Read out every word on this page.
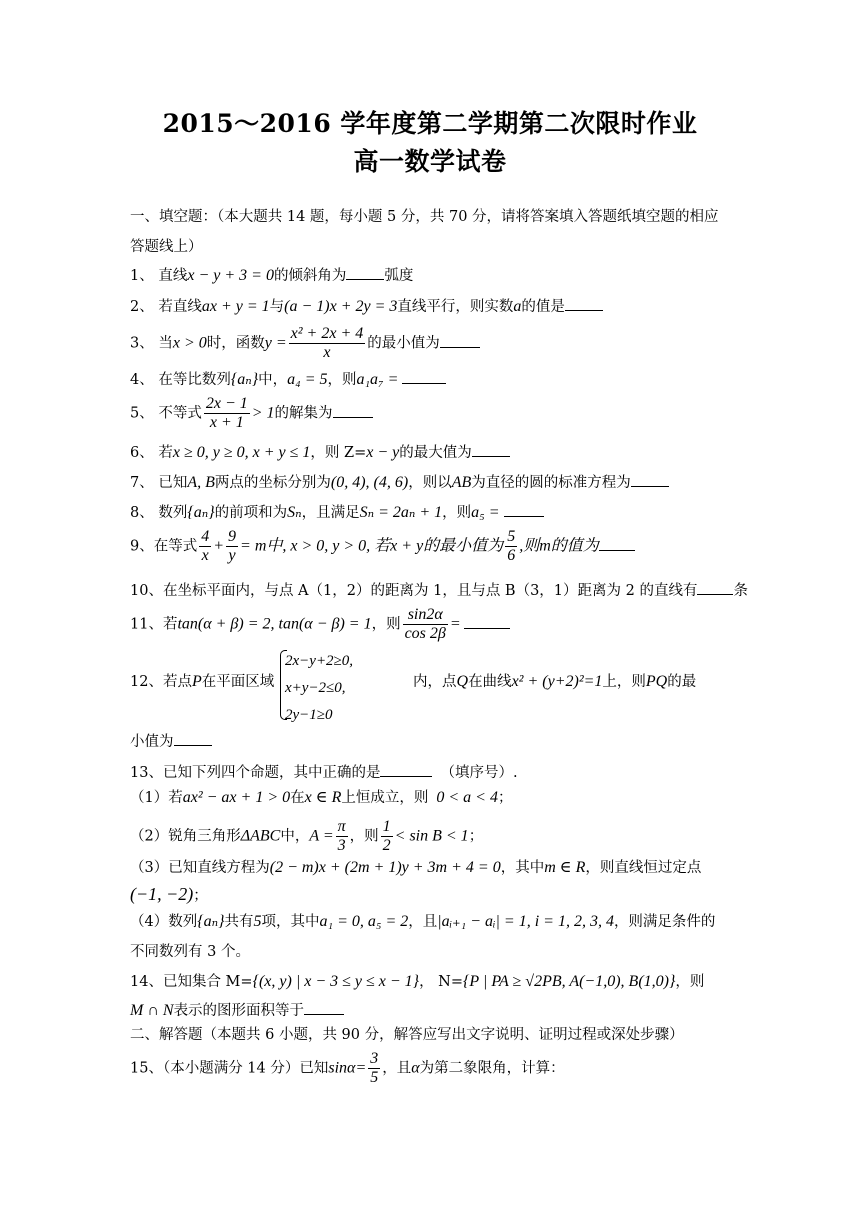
2015～2016 学年度第二学期第二次限时作业
高一数学试卷
一、填空题：（本大题共 14 题，每小题 5 分，共 70 分，请将答案填入答题纸填空题的相应
答题线上）
1、 直线x − y + 3 = 0的倾斜角为	弧度
2、 若直线ax + y = 1与(a − 1)x + 2y = 3直线平行，则实数a的值是
3、 当x > 0时，函数$y = \frac{\text{x² + 2x + 4}}{x}$ 的最小值为
4、 在等比数列{aₙ}中，a₄ = 5，则a₁a₇ =
5、 不等式 $\frac{2x - 1}{x + 1} > 1$的解集为
6、 若x ≥ 0, y ≥ 0, x + y ≤ 1，则 Z=x − y的最大值为
7、 已知A, B两点的坐标分别为(0, 4), (4, 6)，则以AB为直径的圆的标准方程为
8、 数列{aₙ}的前项和为Sₙ，且满足Sₙ = 2aₙ + 1，则a₅ =
9、在等式 $\frac{4}{x} + \frac{9}{y} = m$中, x > 0, y > 0, 若x + y的最小值为 $\frac{5}{6}$ ,则m的值为
10、在坐标平面内，与点 A（1，2）的距离为 1，且与点 B（3，1）距离为 2 的直线有 条
11、若tan(α + β) = 2, tan(α − β) = 1，则 $\frac{\sin 2\alpha}{\cos 2\beta}$ =
2x−y+2≥0,
x+y−2≤0,
2y−1≥0
12、若点P在平面区域	内，点Q在曲线x² + (y+2)²=1上，则PQ的最
小值为
13、已知下列四个命题，其中正确的是	（填序号）.
（1）若ax² − ax + 1 > 0在x ∈ R上恒成立，则 0 < a < 4；
（2）锐角三角形ΔABC中，$A = \frac{\pi}{3}$ ，则 $\frac{1}{2} < \sin B < 1$；
（3）已知直线方程为(2 − m)x + (2m + 1)y + 3m + 4 = 0，其中m ∈ R，则直线恒过定点
(−1, −2)；
（4）数列{aₙ}共有5项，其中a₁ = 0, a₅ = 2，且|aᵢ₊₁ − aᵢ| = 1, i = 1, 2, 3, 4，则满足条件的
不同数列有 3 个。
14、已知集合 M={(x, y) | x − 3 ≤ y ≤ x − 1}， N={P | PA ≥ √2PB, A(−1,0), B(1,0)}，则
M ∩ N表示的图形面积等于
二、解答题（本题共 6 小题，共 90 分，解答应写出文字说明、证明过程或深处步骤）
15、（本小题满分 14 分）已知$\sin\alpha= \frac{3}{5}$ ，且α为第二象限角，计算：
